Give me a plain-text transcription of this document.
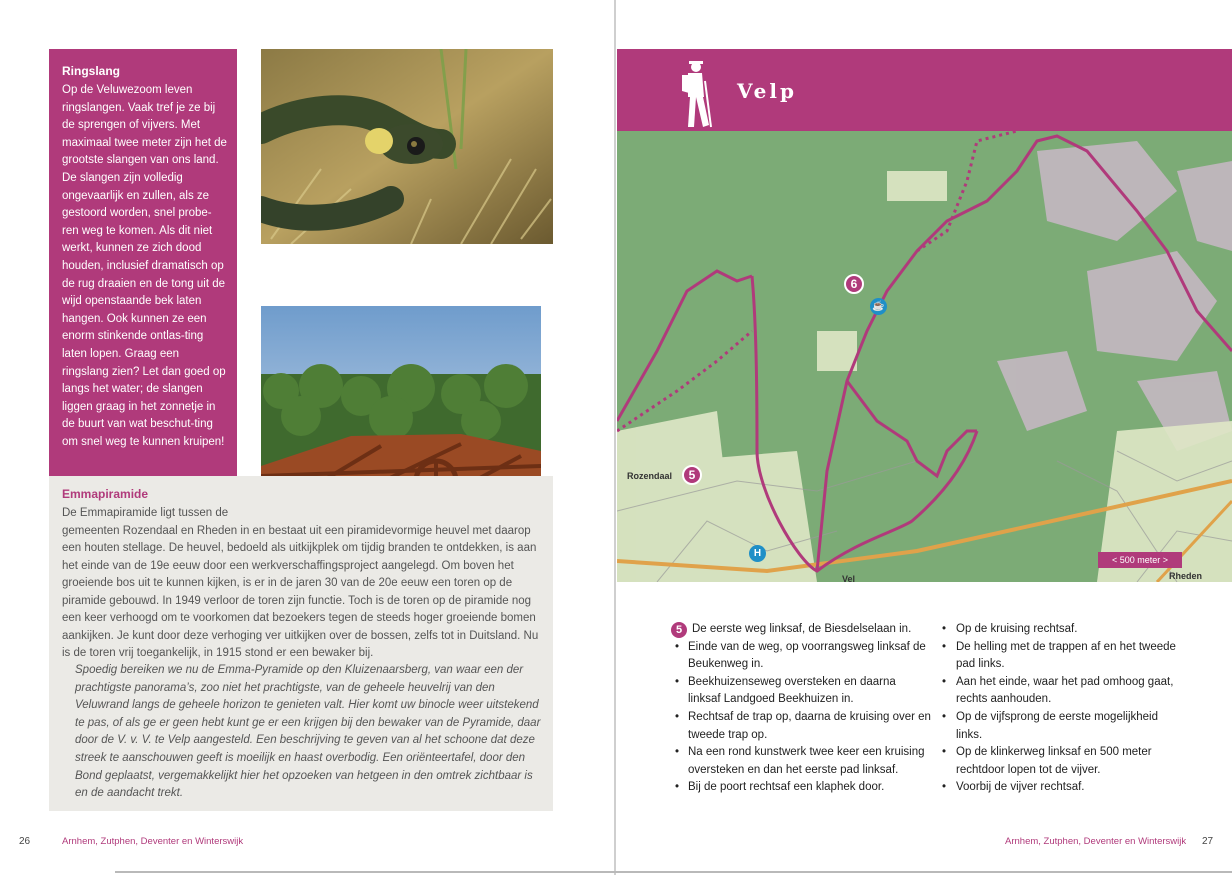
Ringslang

Op de Veluwezoom leven ringslangen. Vaak tref je ze bij de sprengen of vijvers. Met maximaal twee meter zijn het de grootste slangen van ons land. De slangen zijn volledig ongevaarlijk en zullen, als ze gestoord worden, snel probe-ren weg te komen. Als dit niet werkt, kunnen ze zich dood houden, inclusief dramatisch op de rug draaien en de tong uit de wijd openstaande bek laten hangen. Ook kunnen ze een enorm stinkende ontlas-ting laten lopen. Graag een ringslang zien? Let dan goed op langs het water; de slangen liggen graag in het zonnetje in de buurt van wat beschut-ting om snel weg te kunnen kruipen!

Emmapiramide
De Emmapiramide ligt tussen de
gemeenten Rozendaal en Rheden in en bestaat uit een piramidevormige heuvel met daarop een houten stellage. De heuvel, bedoeld als uitkijkplek om tijdig branden te ontdekken, is aan het einde van de 19e eeuw door een werkverschaffingsproject aangelegd. Om boven het groeiende bos uit te kunnen kijken, is er in de jaren 30 van de 20e eeuw een toren op de piramide gebouwd. In 1949 verloor de toren zijn functie. Toch is de toren op de piramide nog een keer verhoogd om te voorkomen dat bezoekers tegen de steeds hoger groeiende bomen aankijken. Je kunt door deze verhoging ver uitkijken over de bossen, zelfs tot in Duitsland. Nu is de toren vrij toegankelijk, in 1915 stond er een bewaker bij.
Spoedig bereiken we nu de Emma-Pyramide op den Kluizenaarsberg, van waar een der prachtigste panorama’s, zoo niet het prachtigste, van de geheele heuvelrij van den Veluwrand langs de geheele horizon te genieten valt. Hier komt uw binocle weer uitstekend te pas, of als ge er geen hebt kunt ge er een krijgen bij den bewaker van de Pyramide, daar door de V. v. V. te Velp aangesteld. Een beschrijving te geven van al het schoone dat deze streek te aanschouwen geeft is moeilijk en haast overbodig. Een oriënteertafel, door den Bond geplaatst, vergemakkelijkt hier het opzoeken van hetgeen in den omtrek zichtbaar is en de aandacht trekt.
26	Arnhem, Zutphen, Deventer en Winterswijk
Velp
Rozendaal
Rheden
Vel
6
5
☕
H
< 500 meter >
5 De eerste weg linksaf, de Biesdelselaan in.
• Einde van de weg, op voorrangsweg linksaf de Beukenweg in.
• Beekhuizenseweg oversteken en daarna linksaf Landgoed Beekhuizen in.
• Rechtsaf de trap op, daarna de kruising over en tweede trap op.
• Na een rond kunstwerk twee keer een kruising oversteken en dan het eerste pad linksaf.
• Bij de poort rechtsaf een klaphek door.
• Op de kruising rechtsaf.
• De helling met de trappen af en het tweede pad links.
• Aan het einde, waar het pad omhoog gaat, rechts aanhouden.
• Op de vijfsprong de eerste mogelijkheid links.
• Op de klinkerweg linksaf en 500 meter rechtdoor lopen tot de vijver.
• Voorbij de vijver rechtsaf.
Arnhem, Zutphen, Deventer en Winterswijk 27
